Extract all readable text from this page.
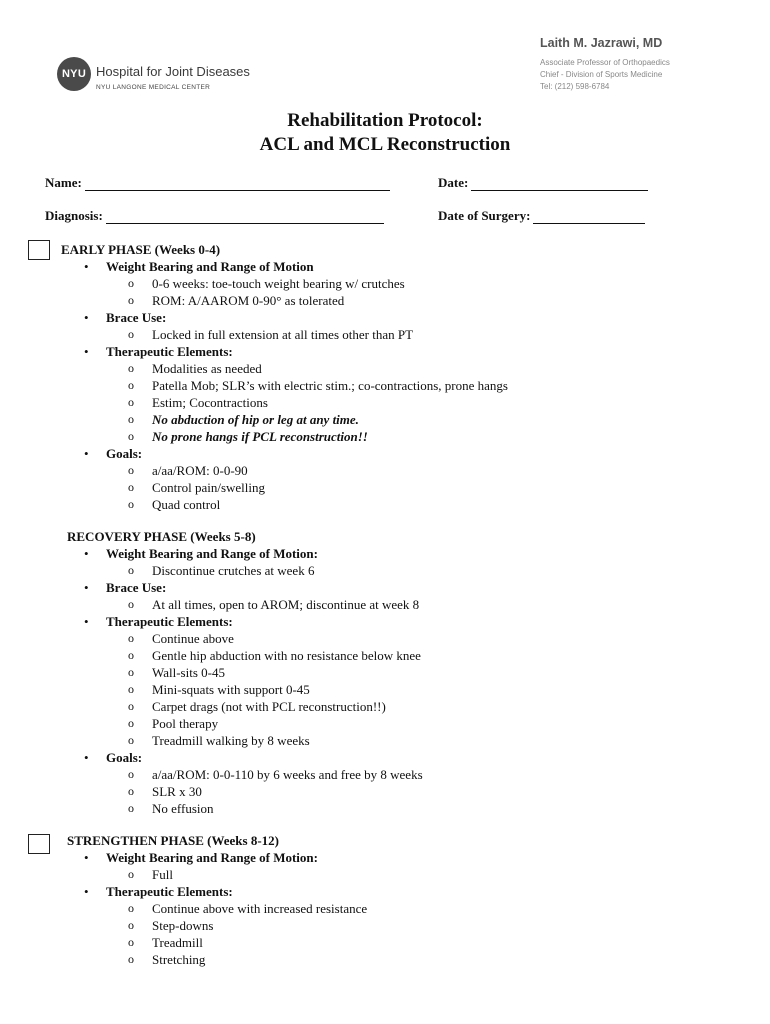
NYU Hospital for Joint Diseases
NYU LANGONE MEDICAL CENTER
Laith M. Jazrawi, MD
Associate Professor of Orthopaedics
Chief - Division of Sports Medicine
Tel: (212) 598-6784
Rehabilitation Protocol:
ACL and MCL Reconstruction
Name:	Date:
Diagnosis:	Date of Surgery:
EARLY PHASE (Weeks 0-4)
• Weight Bearing and Range of Motion
o 0-6 weeks: toe-touch weight bearing w/ crutches
o ROM: A/AAROM 0-90° as tolerated
• Brace Use:
o Locked in full extension at all times other than PT
• Therapeutic Elements:
o Modalities as needed
o Patella Mob; SLR’s with electric stim.; co-contractions, prone hangs
o Estim; Cocontractions
o No abduction of hip or leg at any time.
o No prone hangs if PCL reconstruction!!
• Goals:
o a/aa/ROM: 0-0-90
o Control pain/swelling
o Quad control
RECOVERY PHASE (Weeks 5-8)
• Weight Bearing and Range of Motion:
o Discontinue crutches at week 6
• Brace Use:
o At all times, open to AROM; discontinue at week 8
• Therapeutic Elements:
o Continue above
o Gentle hip abduction with no resistance below knee
o Wall-sits 0-45
o Mini-squats with support 0-45
o Carpet drags (not with PCL reconstruction!!)
o Pool therapy
o Treadmill walking by 8 weeks
• Goals:
o a/aa/ROM: 0-0-110 by 6 weeks and free by 8 weeks
o SLR x 30
o No effusion
STRENGTHEN PHASE (Weeks 8-12)
• Weight Bearing and Range of Motion:
o Full
• Therapeutic Elements:
o Continue above with increased resistance
o Step-downs
o Treadmill
o Stretching
